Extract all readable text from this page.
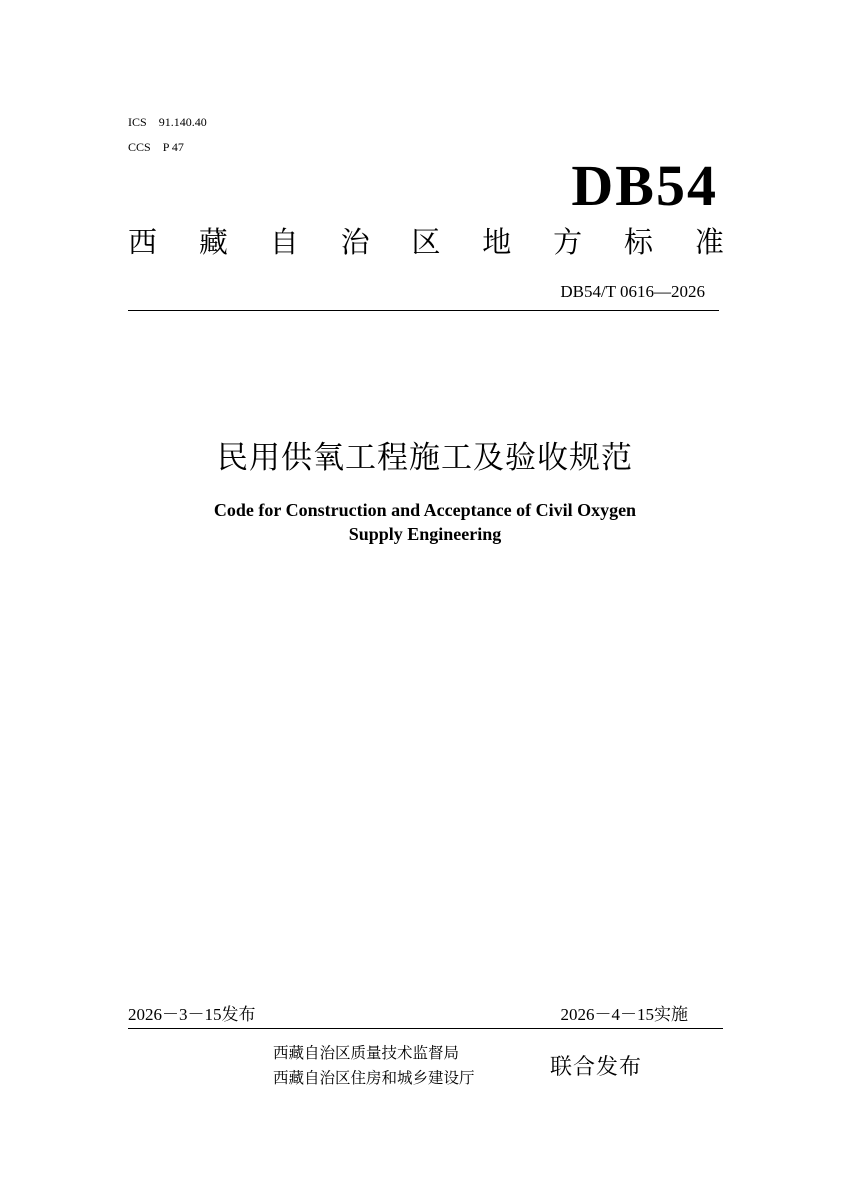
ICS 91.140.40
CCS P 47
DB54
西 藏 自 治 区 地 方 标 准
DB54/T 0616—2026
民用供氧工程施工及验收规范
Code for Construction and Acceptance of Civil Oxygen
Supply Engineering
2026－3－15发布	2026－4－15实施
西藏自治区质量技术监督局
西藏自治区住房和城乡建设厅	联合发布
